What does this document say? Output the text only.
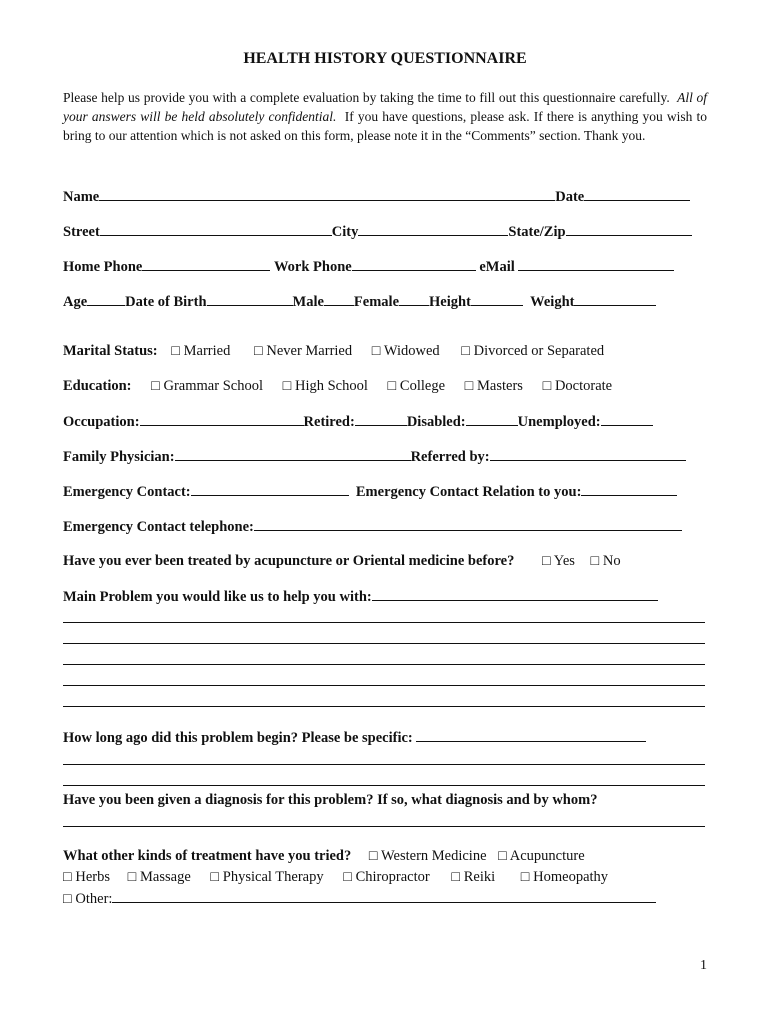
HEALTH HISTORY QUESTIONNAIRE
Please help us provide you with a complete evaluation by taking the time to fill out this questionnaire carefully. All of your answers will be held absolutely confidential. If you have questions, please ask. If there is anything you wish to bring to our attention which is not asked on this form, please note it in the “Comments” section. Thank you.
Name	Date
Street	City	State/Zip
Home Phone	Work Phone	eMail
Age	Date of Birth	Male Female Height	Weight
Marital Status: □ Married □ Never Married □ Widowed □ Divorced or Separated
Education: □ Grammar School □ High School □ College □ Masters □ Doctorate
Occupation:	Retired:	Disabled:	Unemployed:
Family Physician:	Referred by:
Emergency Contact:	Emergency Contact Relation to you:
Emergency Contact telephone:
Have you ever been treated by acupuncture or Oriental medicine before? □ Yes □ No
Main Problem you would like us to help you with:
How long ago did this problem begin? Please be specific:
Have you been given a diagnosis for this problem? If so, what diagnosis and by whom?
What other kinds of treatment have you tried? □ Western Medicine □ Acupuncture
□ Herbs □ Massage □ Physical Therapy □ Chiropractor □ Reiki □ Homeopathy
□ Other:
1
